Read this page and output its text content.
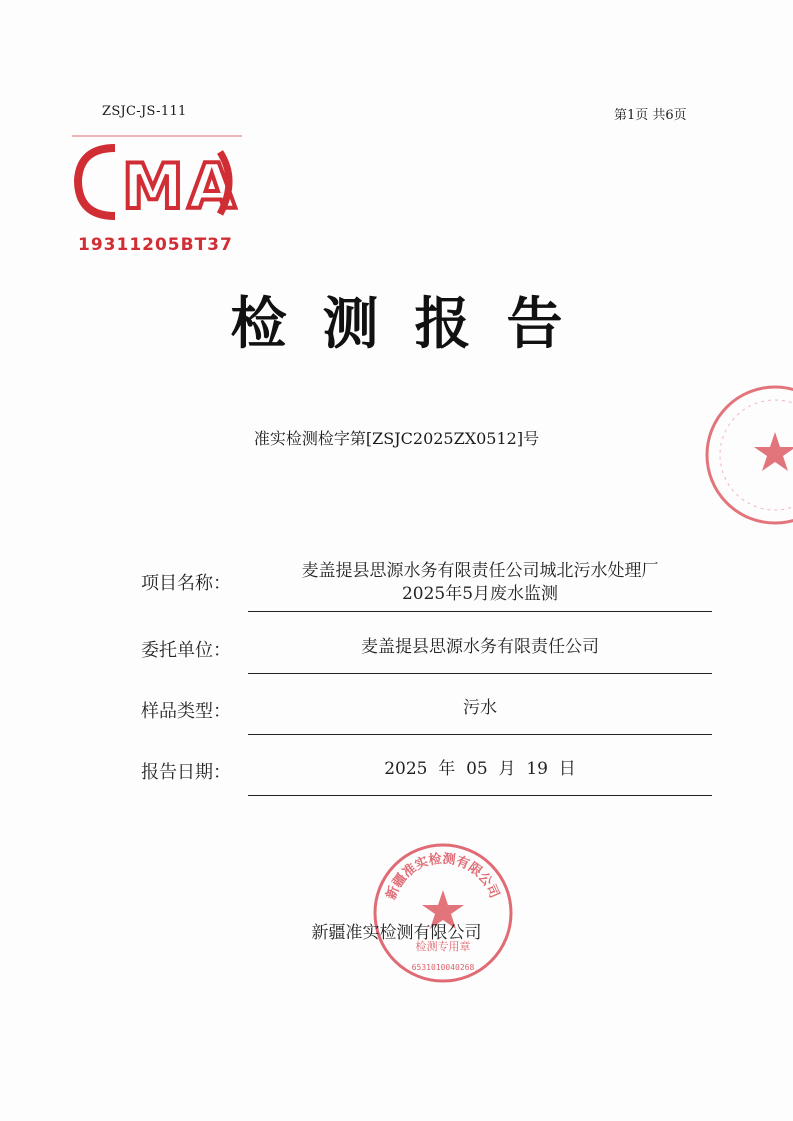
ZSJC-JS-111	第1页 共6页
MA
19311205BT37
检测报告
准实检测检字第[ZSJC2025ZX0512]号
项目名称：
麦盖提县思源水务有限责任公司城北污水处理厂
2025年5月废水监测
委托单位：	麦盖提县思源水务有限责任公司
样品类型：	污水
报告日期：	2025  年  05  月  19  日
新疆准实检测有限公司
检测专用章
6531010040268
新疆准实检测有限公司
